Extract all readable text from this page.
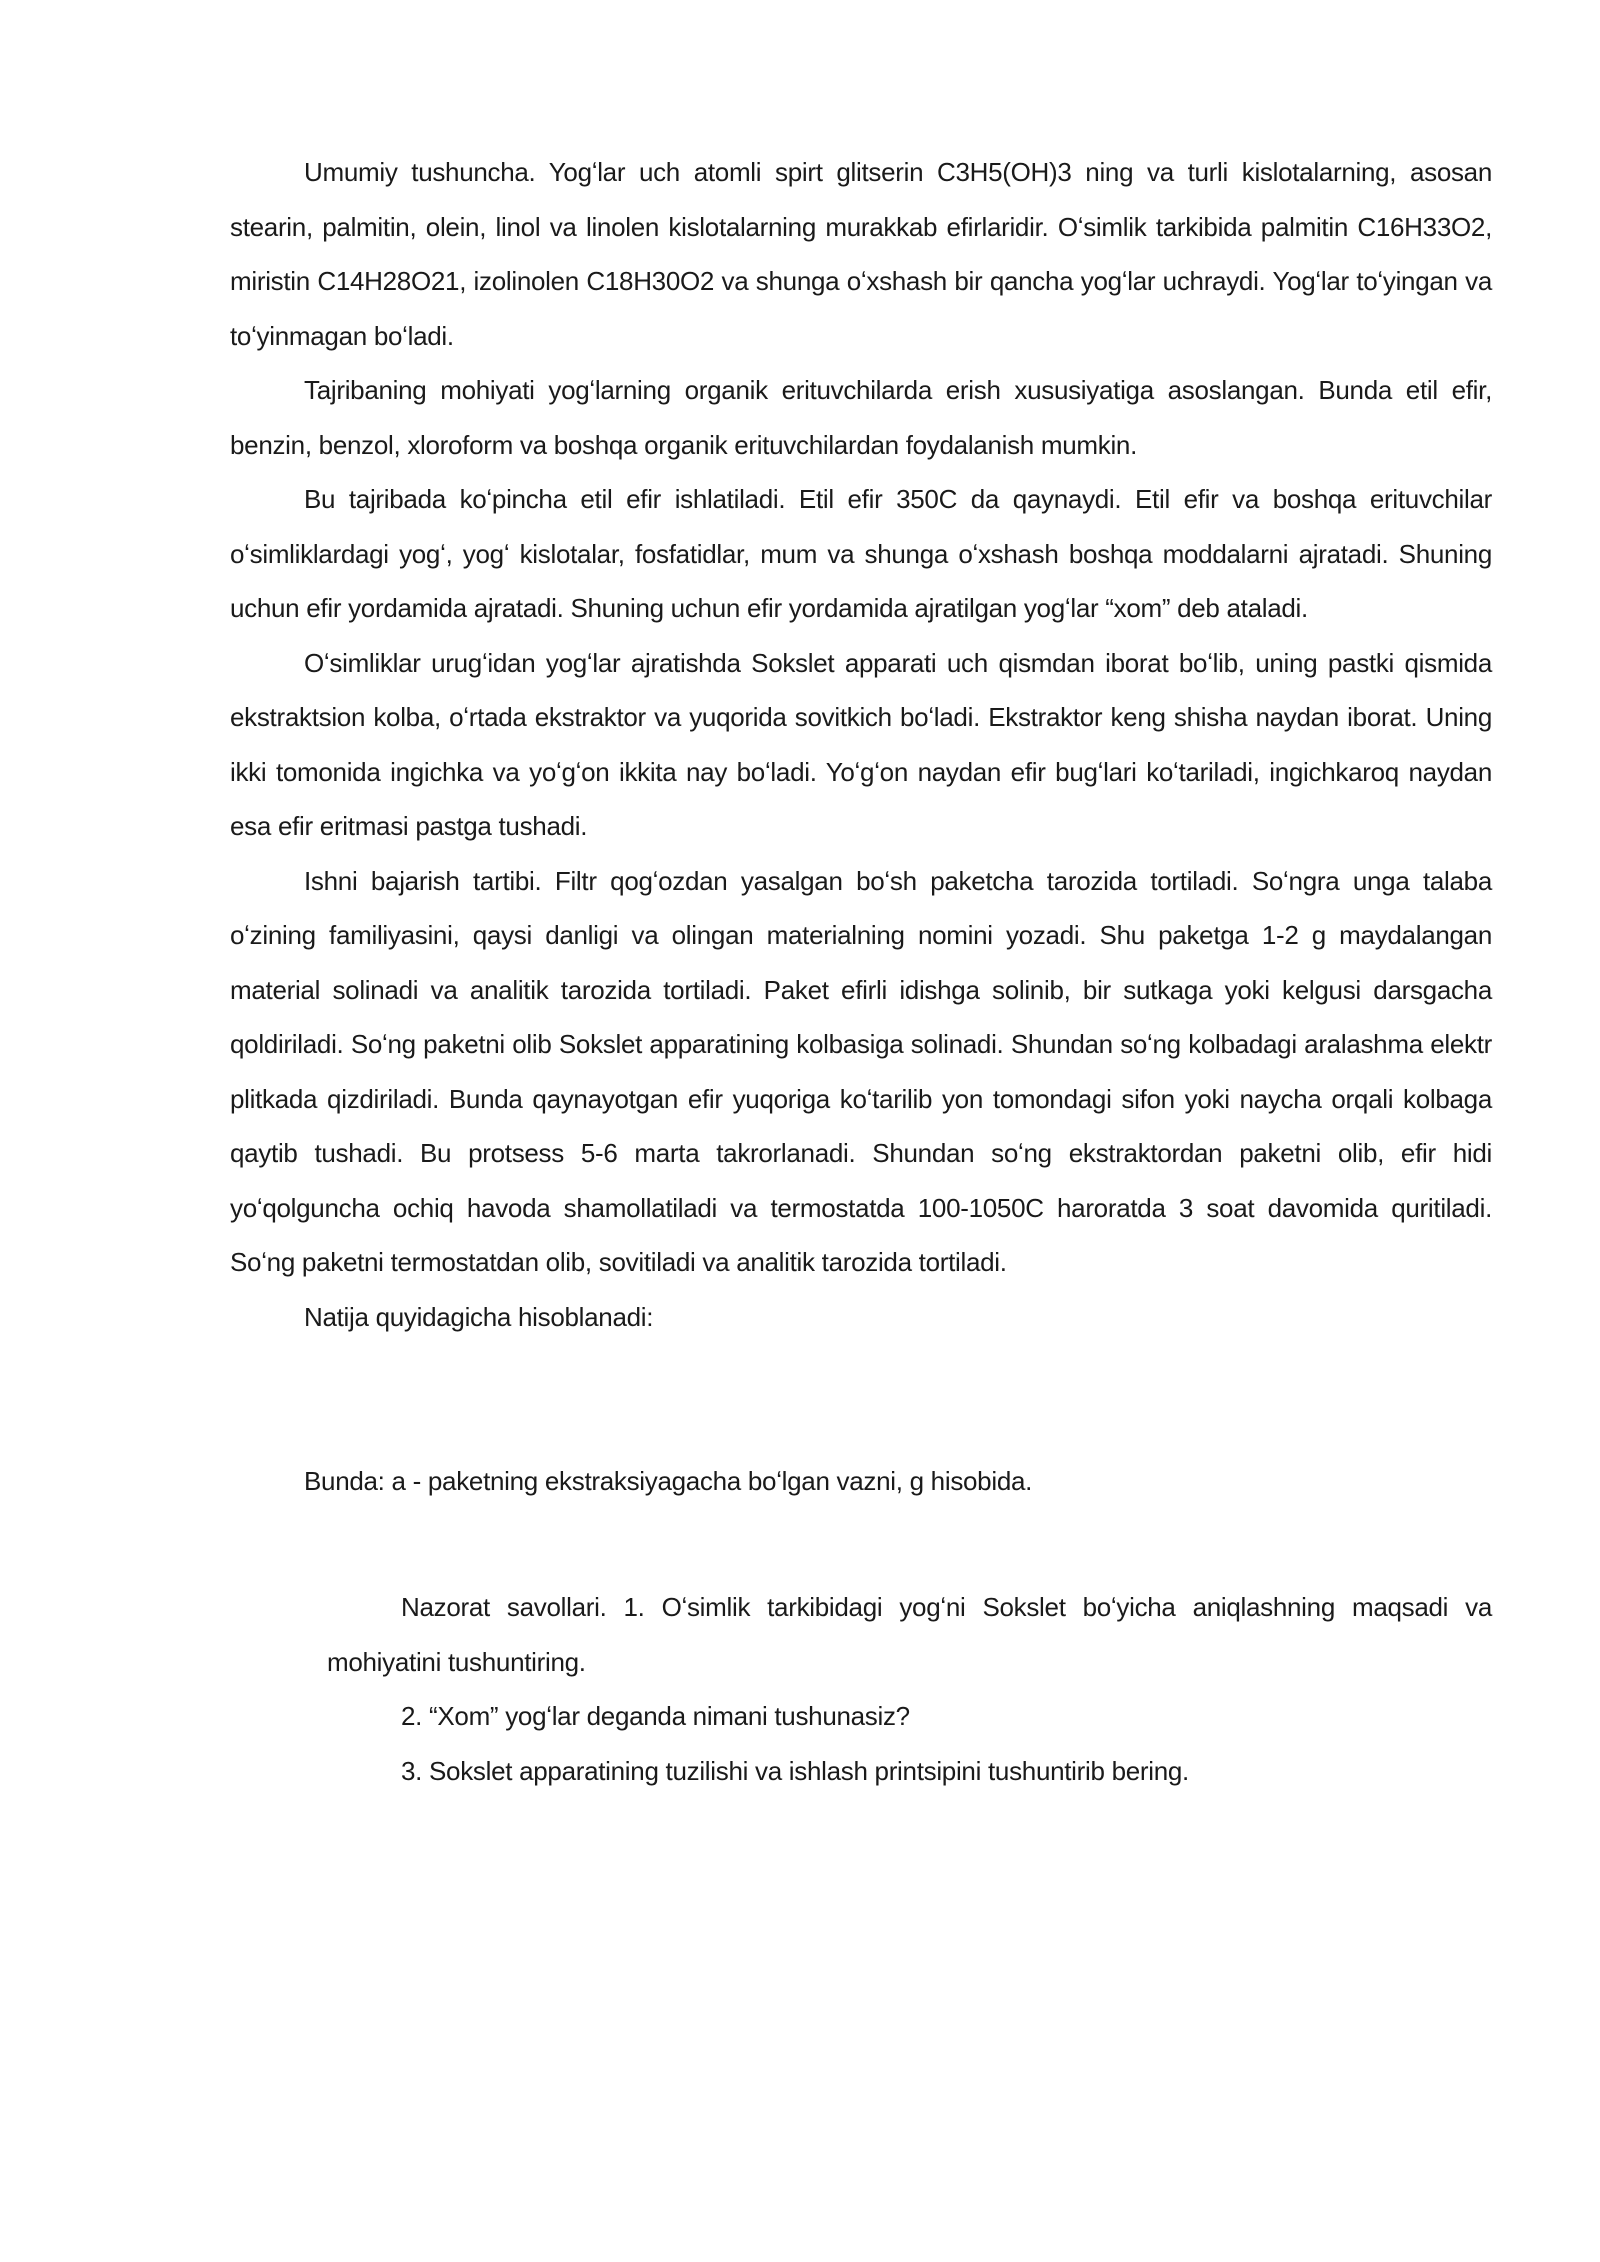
Umumiy tushuncha. Yogʻlar uch atomli spirt glitserin C3H5(OH)3 ning va turli kislotalarning, asosan stearin, palmitin, olein, linol va linolen kislotalarning murakkab efirlaridir. Oʻsimlik tarkibida palmitin C16H33O2, miristin C14H28O21, izolinolen C18H30O2 va shunga oʻxshash bir qancha yogʻlar uchraydi. Yogʻlar toʻyingan va toʻyinmagan boʻladi.

Tajribaning mohiyati yogʻlarning organik erituvchilarda erish xususiyatiga asoslangan. Bunda etil efir, benzin, benzol, xloroform va boshqa organik erituvchilardan foydalanish mumkin.

Bu tajribada koʻpincha etil efir ishlatiladi. Etil efir 350C da qaynaydi. Etil efir va boshqa erituvchilar oʻsimliklardagi yogʻ, yogʻ kislotalar, fosfatidlar, mum va shunga oʻxshash boshqa moddalarni ajratadi. Shuning uchun efir yordamida ajratadi. Shuning uchun efir yordamida ajratilgan yogʻlar “xom” deb ataladi.

Oʻsimliklar urugʻidan yogʻlar ajratishda Sokslet apparati uch qismdan iborat boʻlib, uning pastki qismida ekstraktsion kolba, oʻrtada ekstraktor va yuqorida sovitkich boʻladi. Ekstraktor keng shisha naydan iborat. Uning ikki tomonida ingichka va yoʻgʻon ikkita nay boʻladi. Yoʻgʻon naydan efir bugʻlari koʻtariladi, ingichkaroq naydan esa efir eritmasi pastga tushadi.

Ishni bajarish tartibi. Filtr qogʻozdan yasalgan boʻsh paketcha tarozida tortiladi. Soʻngra unga talaba oʻzining familiyasini, qaysi danligi va olingan materialning nomini yozadi. Shu paketga 1-2 g maydalangan material solinadi va analitik tarozida tortiladi. Paket efirli idishga solinib, bir sutkaga yoki kelgusi darsgacha qoldiriladi. Soʻng paketni olib Sokslet apparatining kolbasiga solinadi. Shundan soʻng kolbadagi aralashma elektr plitkada qizdiriladi. Bunda qaynayotgan efir yuqoriga koʻtarilib yon tomondagi sifon yoki naycha orqali kolbaga qaytib tushadi. Bu protsess 5-6 marta takrorlanadi. Shundan soʻng ekstraktordan paketni olib, efir hidi yoʻqolguncha ochiq havoda shamollatiladi va termostatda 100-1050C haroratda 3 soat davomida quritiladi. Soʻng paketni termostatdan olib, sovitiladi va analitik tarozida tortiladi.

Natija quyidagicha hisoblanadi:

Bunda: a - paketning ekstraksiyagacha boʻlgan vazni, g hisobida.

Nazorat savollari. 1. Oʻsimlik tarkibidagi yogʻni Sokslet boʻyicha aniqlashning maqsadi va mohiyatini tushuntiring.

2. “Xom” yogʻlar deganda nimani tushunasiz?

3. Sokslet apparatining tuzilishi va ishlash printsipini tushuntirib bering.
